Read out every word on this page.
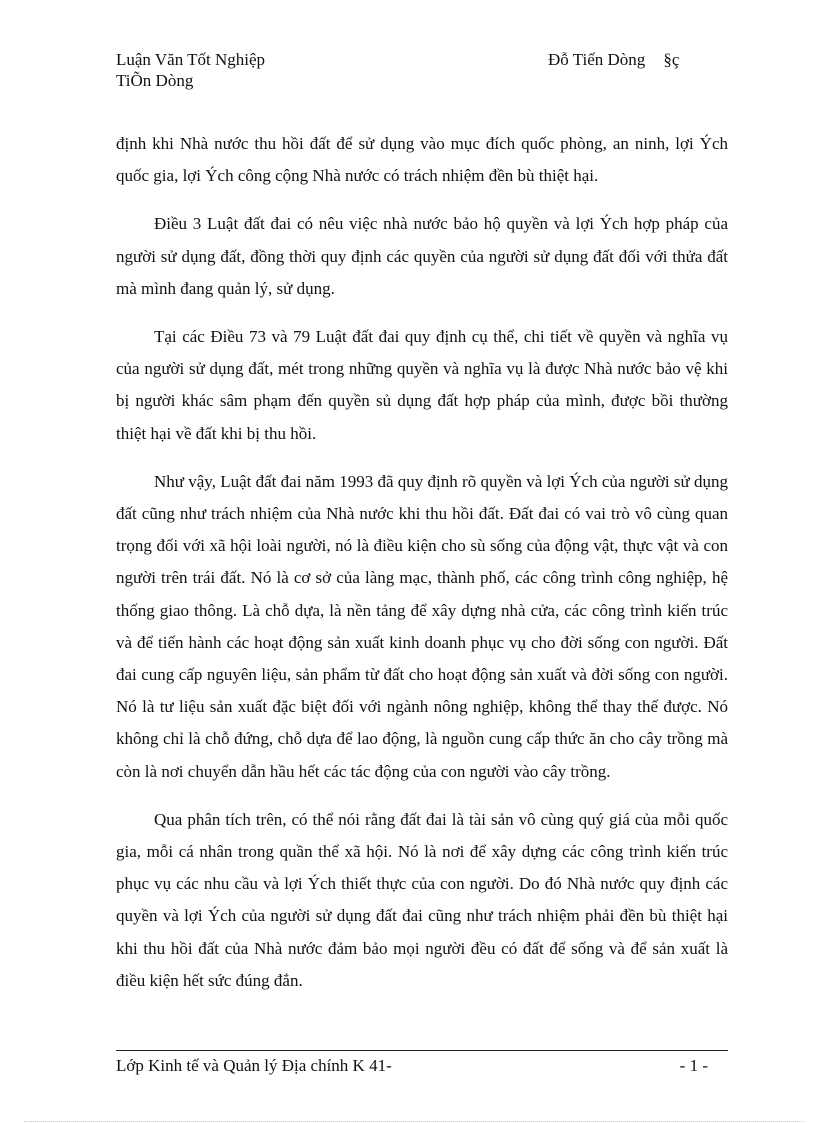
Luận Văn Tốt Nghiệp	Đỗ Tiến Dòng §ç
TiÕn Dòng

định khi Nhà nước thu hồi đất để sử dụng vào mục đích quốc phòng, an ninh, lợi Ých quốc gia, lợi Ých công cộng Nhà nước có trách nhiệm đền bù thiệt hại.

Điều 3 Luật đất đai có nêu việc nhà nước bảo hộ quyền và lợi Ých hợp pháp của người sử dụng đất, đồng thời quy định các quyền của người sử dụng đất đối với thửa đất mà mình đang quản lý, sử dụng.

Tại các Điều 73 và 79 Luật đất đai quy định cụ thể, chi tiết về quyền và nghĩa vụ của người sử dụng đất, mét trong những quyền và nghĩa vụ là được Nhà nước bảo vệ khi bị người khác sâm phạm đến quyền sủ dụng đất hợp pháp của mình, được bồi thường thiệt hại về đất khi bị thu hồi.

Như vậy, Luật đất đai năm 1993 đã quy định rõ quyền và lợi Ých của người sử dụng đất cũng như trách nhiệm của Nhà nước khi thu hồi đất. Đất đai có vai trò vô cùng quan trọng đối với xã hội loài người, nó là điều kiện cho sù sống của động vật, thực vật và con người trên trái đất. Nó là cơ sở của làng mạc, thành phố, các công trình công nghiệp, hệ thống giao thông. Là chỗ dựa, là nền tảng để xây dựng nhà cửa, các công trình kiến trúc và để tiến hành các hoạt động sản xuất kinh doanh phục vụ cho đời sống con người. Đất đai cung cấp nguyên liệu, sản phẩm từ đất cho hoạt động sản xuất và đời sống con người. Nó là tư liệu sản xuất đặc biệt đối với ngành nông nghiệp, không thể thay thế được. Nó không chỉ là chỗ đứng, chỗ dựa để lao động, là nguồn cung cấp thức ăn cho cây trồng mà còn là nơi chuyển dẫn hầu hết các tác động của con người vào cây trồng.

Qua phân tích trên, có thể nói rằng đất đai là tài sản vô cùng quý giá của mỗi quốc gia, mỗi cá nhân trong quần thể xã hội. Nó là nơi để xây dựng các công trình kiến trúc phục vụ các nhu cầu và lợi Ých thiết thực của con người. Do đó Nhà nước quy định các quyền và lợi Ých của người sử dụng đất đai cũng như trách nhiệm phải đền bù thiệt hại khi thu hồi đất của Nhà nước đảm bảo mọi người đều có đất để sống và để sản xuất là điều kiện hết sức đúng đắn.

Lớp Kinh tế và Quản lý Địa chính K 41-	- 1 -
